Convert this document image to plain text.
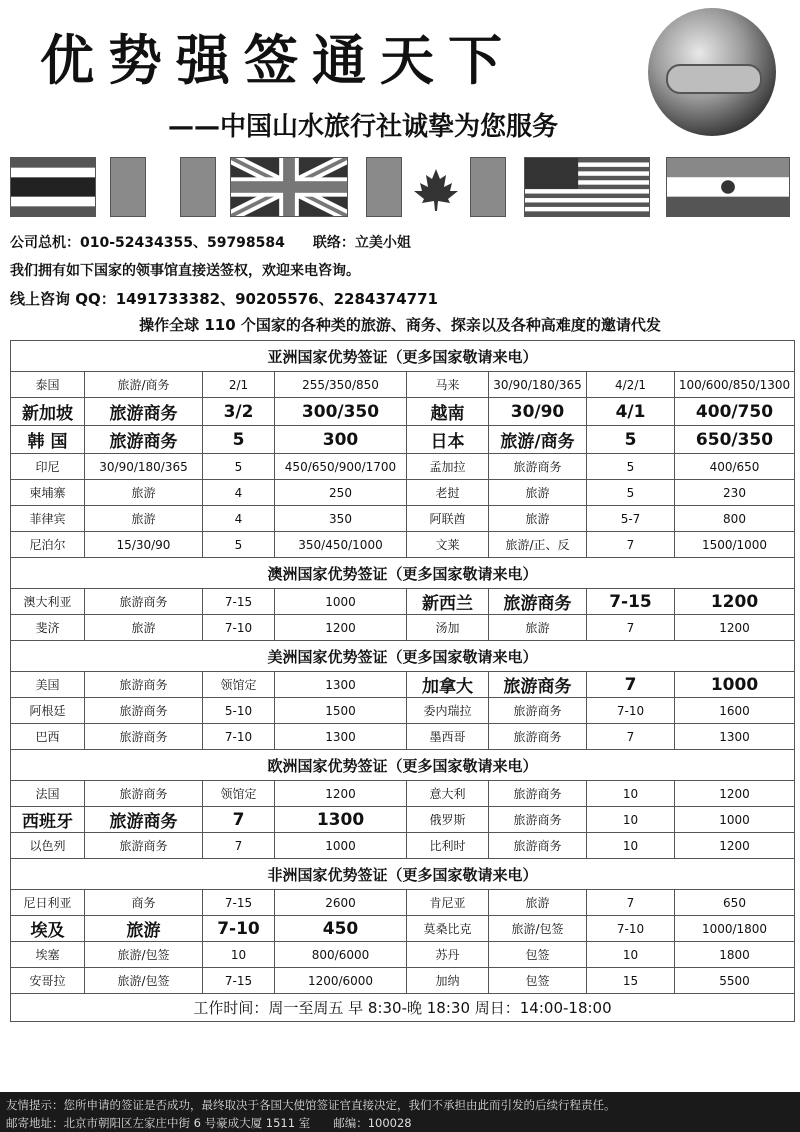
优势强签通天下
——中国山水旅行社诚挚为您服务
公司总机：010-52434355、59798584　　联络：立美小姐
我们拥有如下国家的领事馆直接送签权，欢迎来电咨询。
线上咨询 QQ：1491733382、90205576、2284374771
操作全球 110 个国家的各种类的旅游、商务、探亲以及各种高难度的邀请代发
亚洲国家优势签证（更多国家敬请来电）							
泰国	旅游/商务	2/1	255/350/850	马来	30/90/180/365	4/2/1	100/600/850/1300
新加坡	旅游商务	3/2	300/350	越南	30/90	4/1	400/750
韩 国	旅游商务	5	300	日本	旅游/商务	5	650/350
印尼	30/90/180/365	5	450/650/900/1700	孟加拉	旅游商务	5	400/650
柬埔寨	旅游	4	250	老挝	旅游	5	230
菲律宾	旅游	4	350	阿联酋	旅游	5-7	800
尼泊尔	15/30/90	5	350/450/1000	文莱	旅游/正、反	7	1500/1000
澳洲国家优势签证（更多国家敬请来电）							
澳大利亚	旅游商务	7-15	1000	新西兰	旅游商务	7-15	1200
斐济	旅游	7-10	1200	汤加	旅游	7	1200
美洲国家优势签证（更多国家敬请来电）							
美国	旅游商务	领馆定	1300	加拿大	旅游商务	7	1000
阿根廷	旅游商务	5-10	1500	委内瑞拉	旅游商务	7-10	1600
巴西	旅游商务	7-10	1300	墨西哥	旅游商务	7	1300
欧洲国家优势签证（更多国家敬请来电）							
法国	旅游商务	领馆定	1200	意大利	旅游商务	10	1200
西班牙	旅游商务	7	1300	俄罗斯	旅游商务	10	1000
以色列	旅游商务	7	1000	比利时	旅游商务	10	1200
非洲国家优势签证（更多国家敬请来电）							
尼日利亚	商务	7-15	2600	肯尼亚	旅游	7	650
埃及	旅游	7-10	450	莫桑比克	旅游/包签	7-10	1000/1800
埃塞	旅游/包签	10	800/6000	苏丹	包签	10	1800
安哥拉	旅游/包签	7-15	1200/6000	加纳	包签	15	5500
工作时间：周一至周五 早 8:30-晚 18:30 周日：14:00-18:00							
友情提示：您所申请的签证是否成功，最终取决于各国大使馆签证官直接决定，我们不承担由此而引发的后续行程责任。
邮寄地址：北京市朝阳区左家庄中街 6 号豪成大厦 1511 室　　邮编：100028
